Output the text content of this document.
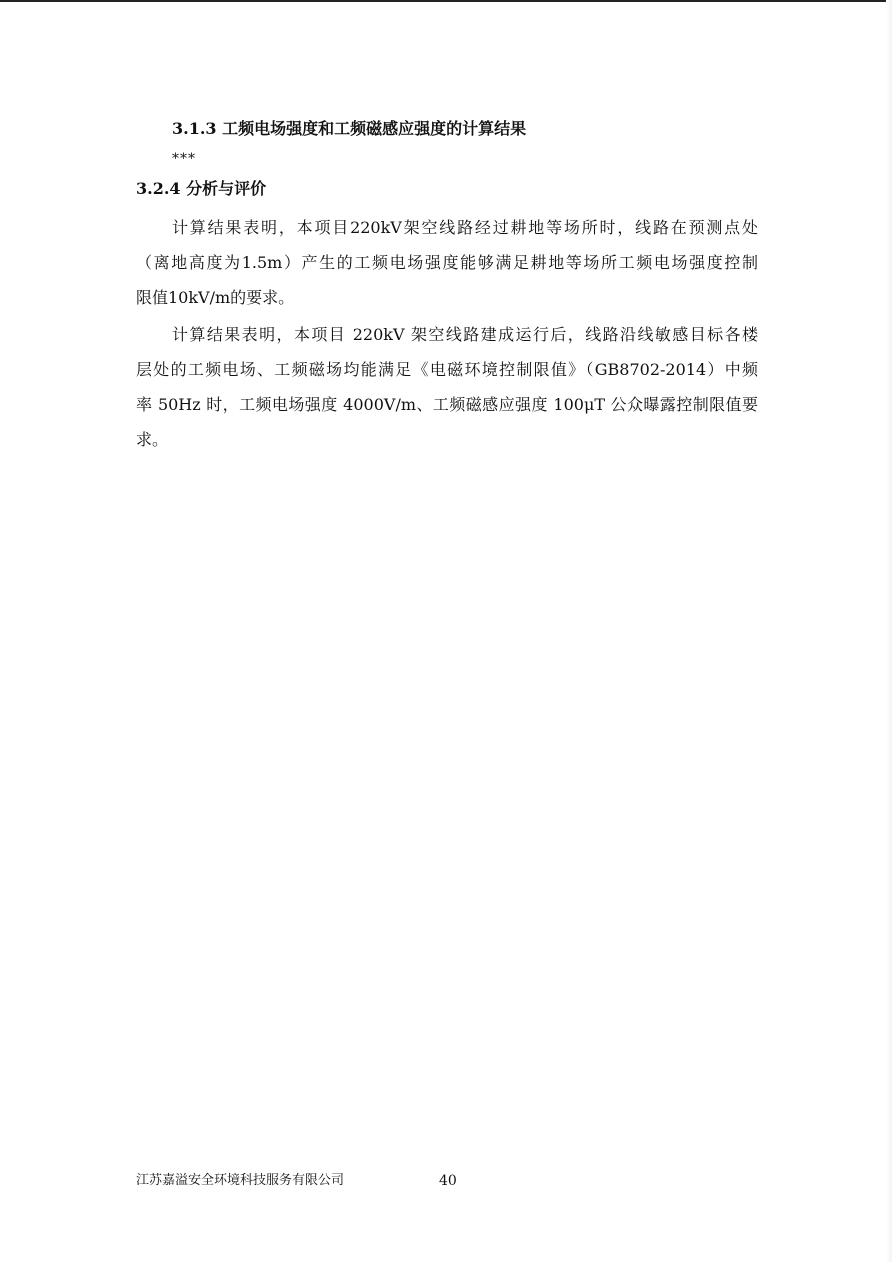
3.1.3 工频电场强度和工频磁感应强度的计算结果
***
3.2.4 分析与评价
计算结果表明，本项目220kV架空线路经过耕地等场所时，线路在预测点处
（离地高度为1.5m）产生的工频电场强度能够满足耕地等场所工频电场强度控制
限值10kV/m的要求。
计算结果表明，本项目 220kV 架空线路建成运行后，线路沿线敏感目标各楼
层处的工频电场、工频磁场均能满足《电磁环境控制限值》（GB8702-2014）中频
率 50Hz 时，工频电场强度 4000V/m、工频磁感应强度 100μT 公众曝露控制限值要
求。
江苏嘉溢安全环境科技服务有限公司	40
